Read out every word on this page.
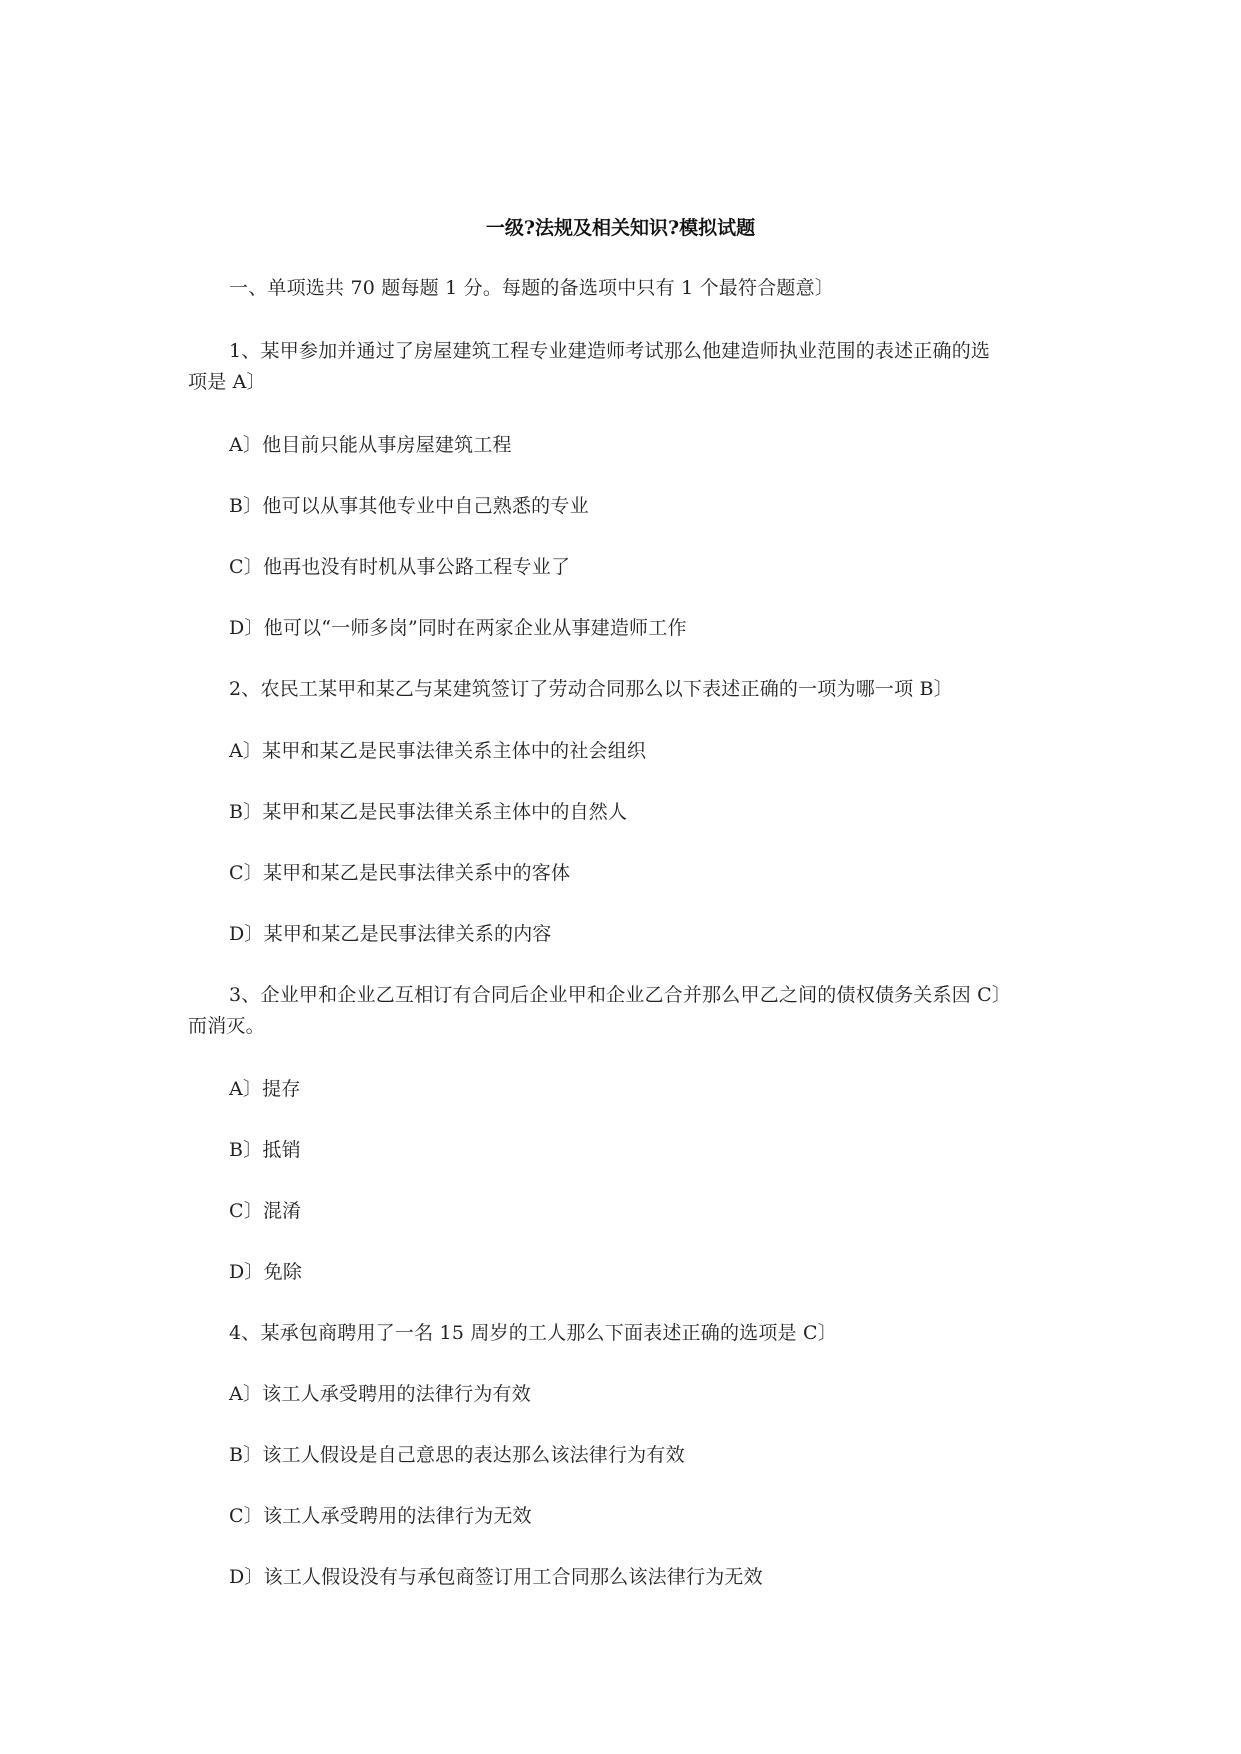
一级?法规及相关知识?模拟试题
一、单项选共 70 题每题 1 分。每题的备选项中只有 1 个最符合题意〕
1、某甲参加并通过了房屋建筑工程专业建造师考试那么他建造师执业范围的表述正确的选
项是 A〕
A〕他目前只能从事房屋建筑工程
B〕他可以从事其他专业中自己熟悉的专业
C〕他再也没有时机从事公路工程专业了
D〕他可以“一师多岗”同时在两家企业从事建造师工作
2、农民工某甲和某乙与某建筑签订了劳动合同那么以下表述正确的一项为哪一项 B〕
A〕某甲和某乙是民事法律关系主体中的社会组织
B〕某甲和某乙是民事法律关系主体中的自然人
C〕某甲和某乙是民事法律关系中的客体
D〕某甲和某乙是民事法律关系的内容
3、企业甲和企业乙互相订有合同后企业甲和企业乙合并那么甲乙之间的债权债务关系因 C〕
而消灭。
A〕提存
B〕抵销
C〕混淆
D〕免除
4、某承包商聘用了一名 15 周岁的工人那么下面表述正确的选项是 C〕
A〕该工人承受聘用的法律行为有效
B〕该工人假设是自己意思的表达那么该法律行为有效
C〕该工人承受聘用的法律行为无效
D〕该工人假设没有与承包商签订用工合同那么该法律行为无效
